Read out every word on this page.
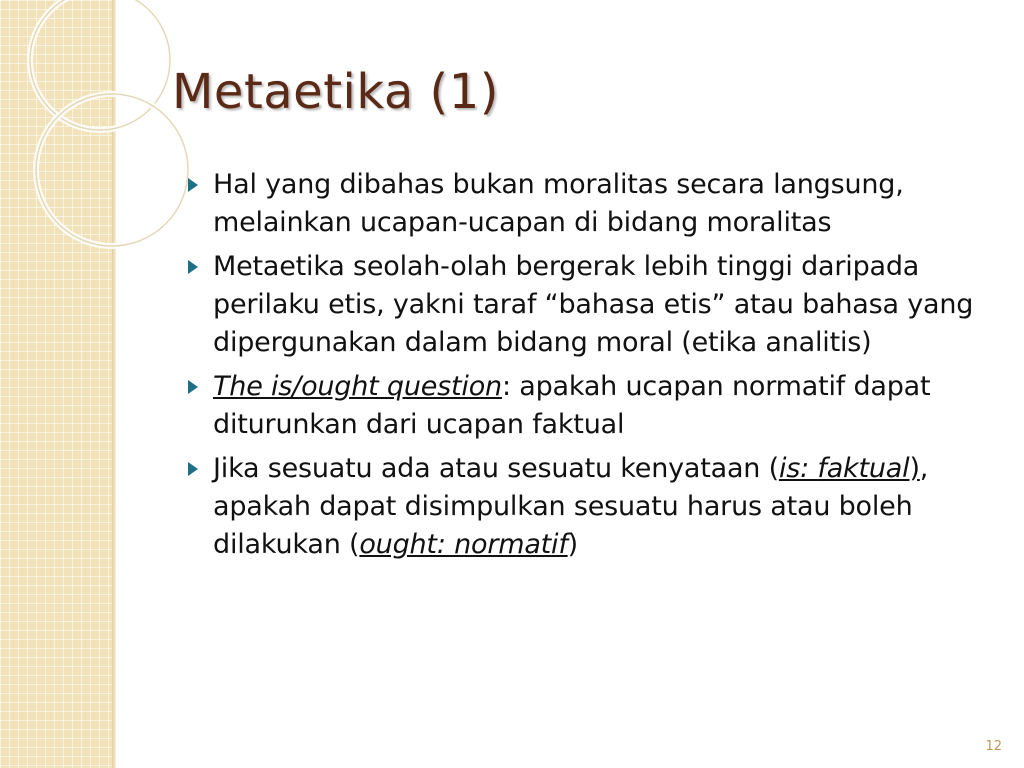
Metaetika (1)
Hal yang dibahas bukan moralitas secara langsung, melainkan ucapan-ucapan di bidang moralitas
Metaetika seolah-olah bergerak lebih tinggi daripada perilaku etis, yakni taraf “bahasa etis” atau bahasa yang dipergunakan dalam bidang moral (etika analitis)
The is/ought question: apakah ucapan normatif dapat diturunkan dari ucapan faktual
Jika sesuatu ada atau sesuatu kenyataan (is: faktual), apakah dapat disimpulkan sesuatu harus atau boleh dilakukan (ought: normatif)
12
